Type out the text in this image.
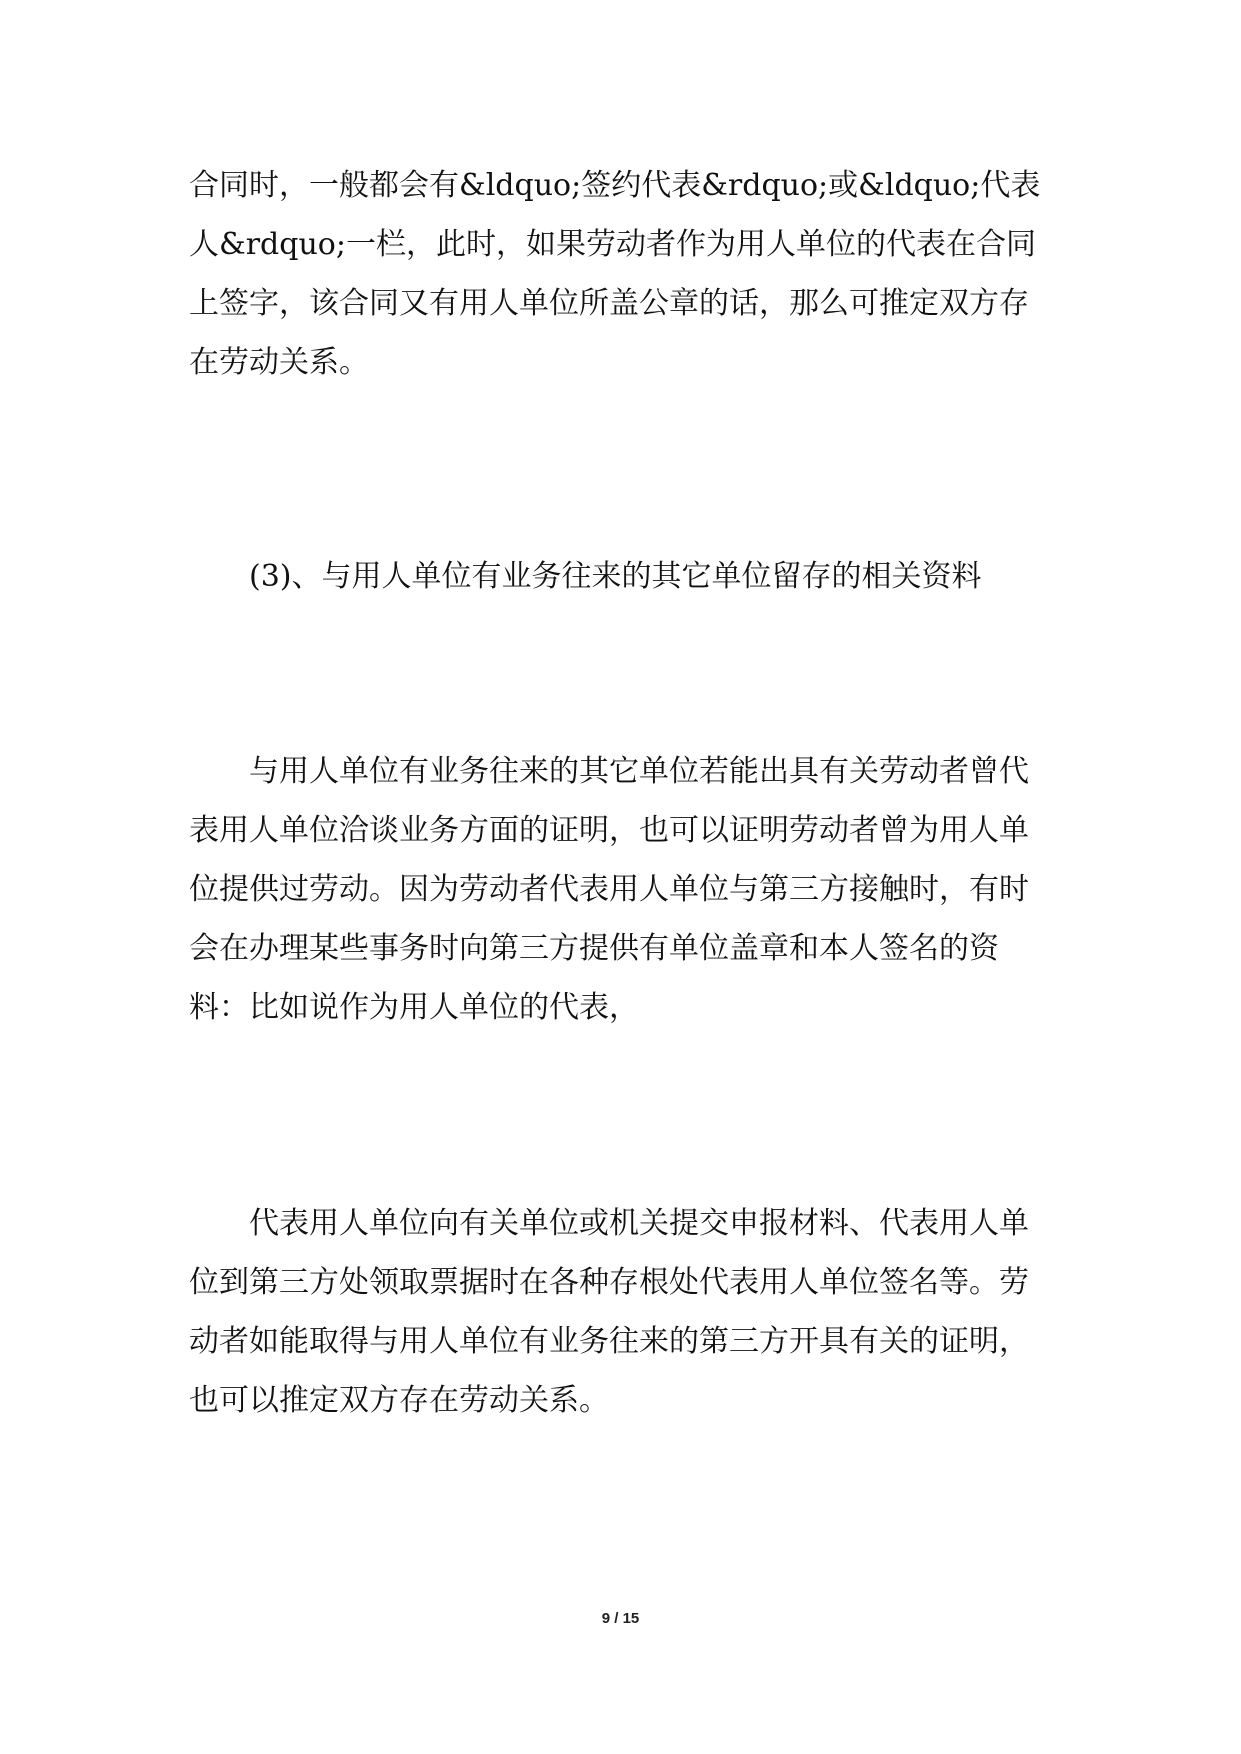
合同时，一般都会有&ldquo;签约代表&rdquo;或&ldquo;代表人&rdquo;一栏，此时，如果劳动者作为用人单位的代表在合同上签字，该合同又有用人单位所盖公章的话，那么可推定双方存在劳动关系。

(3)、与用人单位有业务往来的其它单位留存的相关资料

与用人单位有业务往来的其它单位若能出具有关劳动者曾代表用人单位洽谈业务方面的证明，也可以证明劳动者曾为用人单位提供过劳动。因为劳动者代表用人单位与第三方接触时，有时会在办理某些事务时向第三方提供有单位盖章和本人签名的资料：比如说作为用人单位的代表，

代表用人单位向有关单位或机关提交申报材料、代表用人单位到第三方处领取票据时在各种存根处代表用人单位签名等。劳动者如能取得与用人单位有业务往来的第三方开具有关的证明，也可以推定双方存在劳动关系。

9 / 15
